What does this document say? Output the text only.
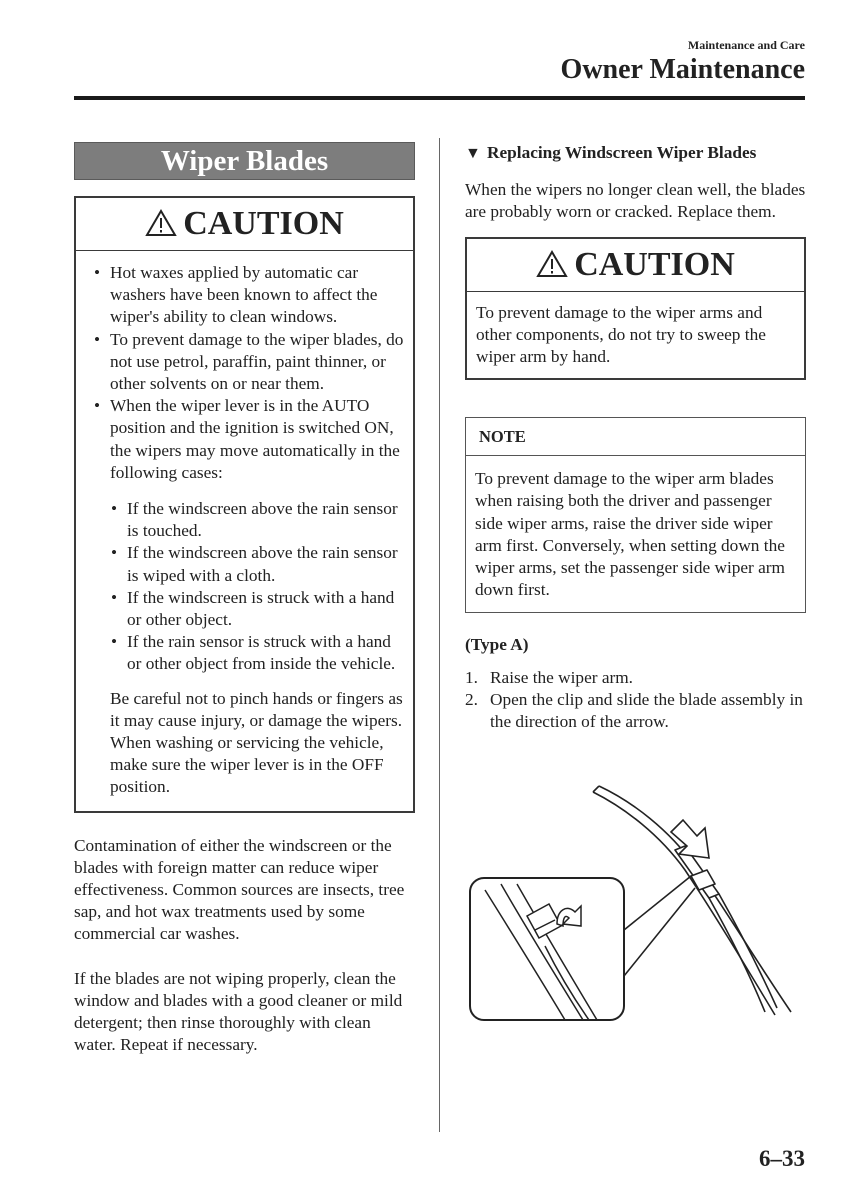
Maintenance and Care
Owner Maintenance
Wiper Blades
CAUTION
• Hot waxes applied by automatic car washers have been known to affect the wiper's ability to clean windows.
• To prevent damage to the wiper blades, do not use petrol, paraffin, paint thinner, or other solvents on or near them.
• When the wiper lever is in the AUTO position and the ignition is switched ON, the wipers may move automatically in the following cases:
• If the windscreen above the rain sensor is touched.
• If the windscreen above the rain sensor is wiped with a cloth.
• If the windscreen is struck with a hand or other object.
• If the rain sensor is struck with a hand or other object from inside the vehicle.
Be careful not to pinch hands or fingers as it may cause injury, or damage the wipers. When washing or servicing the vehicle, make sure the wiper lever is in the OFF position.

Contamination of either the windscreen or the blades with foreign matter can reduce wiper effectiveness. Common sources are insects, tree sap, and hot wax treatments used by some commercial car washes.

If the blades are not wiping properly, clean the window and blades with a good cleaner or mild detergent; then rinse thoroughly with clean water. Repeat if necessary.

▼ Replacing Windscreen Wiper Blades

When the wipers no longer clean well, the blades are probably worn or cracked. Replace them.

CAUTION
To prevent damage to the wiper arms and other components, do not try to sweep the wiper arm by hand.
NOTE
To prevent damage to the wiper arm blades when raising both the driver and passenger side wiper arms, raise the driver side wiper arm first. Conversely, when setting down the wiper arms, set the passenger side wiper arm down first.
(Type A)
1. Raise the wiper arm.
2. Open the clip and slide the blade assembly in the direction of the arrow.
6–33
